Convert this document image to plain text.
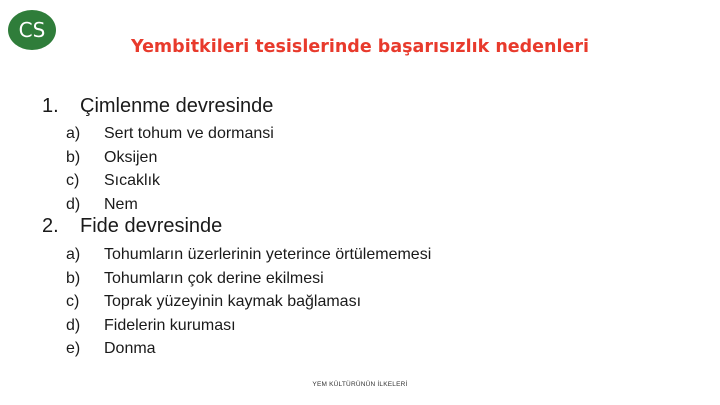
CS
Yembitkileri tesislerinde başarısızlık nedenleri
1. Çimlenme devresinde
a) Sert tohum ve dormansi
b) Oksijen
c) Sıcaklık
d) Nem
2. Fide devresinde
a) Tohumların üzerlerinin yeterince örtülememesi
b) Tohumların çok derine ekilmesi
c) Toprak yüzeyinin kaymak bağlaması
d) Fidelerin kuruması
e) Donma
YEM KÜLTÜRÜNÜN İLKELERİ
